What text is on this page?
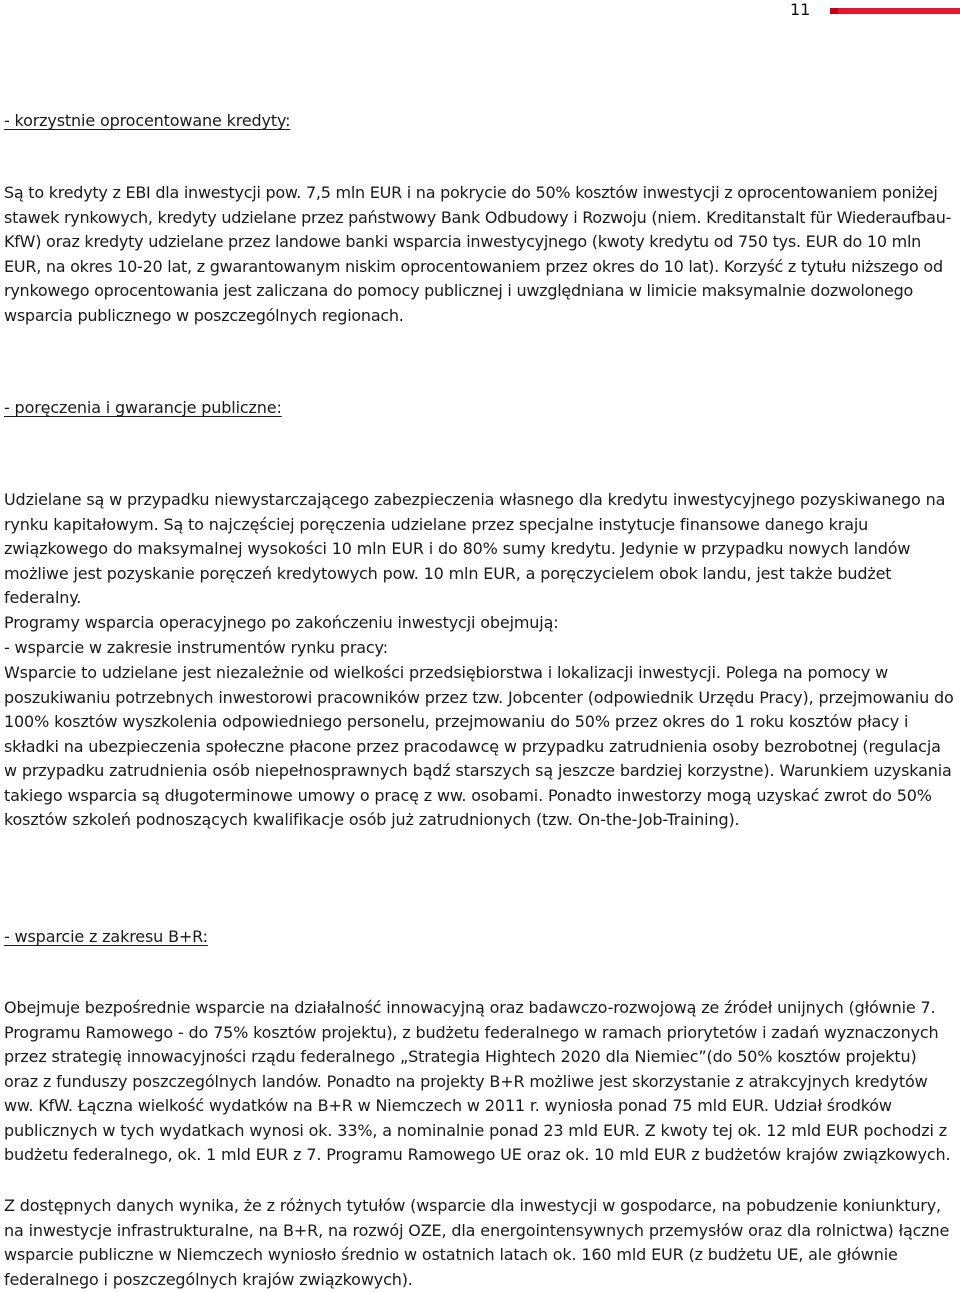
11

- korzystnie oprocentowane kredyty:

Są to kredyty z EBI dla inwestycji pow. 7,5 mln EUR i na pokrycie do 50% kosztów inwestycji z oprocentowaniem poniżej stawek rynkowych, kredyty udzielane przez państwowy Bank Odbudowy i Rozwoju (niem. Kreditanstalt für Wiederaufbau- KfW) oraz kredyty udzielane przez landowe banki wsparcia inwestycyjnego (kwoty kredytu od 750 tys. EUR do 10 mln EUR, na okres 10-20 lat, z gwarantowanym niskim oprocentowaniem przez okres do 10 lat). Korzyść z tytułu niższego od rynkowego oprocentowania jest zaliczana do pomocy publicznej i uwzględniana w limicie maksymalnie dozwolonego wsparcia publicznego w poszczególnych regionach.

- poręczenia i gwarancje publiczne:

Udzielane są w przypadku niewystarczającego zabezpieczenia własnego dla kredytu inwestycyjnego pozyskiwanego na rynku kapitałowym. Są to najczęściej poręczenia udzielane przez specjalne instytucje finansowe danego kraju związkowego do maksymalnej wysokości 10 mln EUR i do 80% sumy kredytu. Jedynie w przypadku nowych landów możliwe jest pozyskanie poręczeń kredytowych pow. 10 mln EUR, a poręczycielem obok landu, jest także budżet federalny.

Programy wsparcia operacyjnego po zakończeniu inwestycji obejmują:

- wsparcie w zakresie instrumentów rynku pracy:

Wsparcie to udzielane jest niezależnie od wielkości przedsiębiorstwa i lokalizacji inwestycji. Polega na pomocy w poszukiwaniu potrzebnych inwestorowi pracowników przez tzw. Jobcenter (odpowiednik Urzędu Pracy), przejmowaniu do 100% kosztów wyszkolenia odpowiedniego personelu, przejmowaniu do 50% przez okres do 1 roku kosztów płacy i składki na ubezpieczenia społeczne płacone przez pracodawcę w przypadku zatrudnienia osoby bezrobotnej (regulacja w przypadku zatrudnienia osób niepełnosprawnych bądź starszych są jeszcze bardziej korzystne). Warunkiem uzyskania takiego wsparcia są długoterminowe umowy o pracę z ww. osobami. Ponadto inwestorzy mogą uzyskać zwrot do 50% kosztów szkoleń podnoszących kwalifikacje osób już zatrudnionych (tzw. On-the-Job-Training).

- wsparcie z zakresu B+R:

Obejmuje bezpośrednie wsparcie na działalność innowacyjną oraz badawczo-rozwojową ze źródeł unijnych (głównie 7. Programu Ramowego - do 75% kosztów projektu), z budżetu federalnego w ramach priorytetów i zadań wyznaczonych przez strategię innowacyjności rządu federalnego „Strategia Hightech 2020 dla Niemiec”(do 50% kosztów projektu) oraz z funduszy poszczególnych landów. Ponadto na projekty B+R możliwe jest skorzystanie z atrakcyjnych kredytów ww. KfW. Łączna wielkość wydatków na B+R w Niemczech w 2011 r. wyniosła ponad 75 mld EUR. Udział środków publicznych w tych wydatkach wynosi ok. 33%, a nominalnie ponad 23 mld EUR. Z kwoty tej ok. 12 mld EUR pochodzi z budżetu federalnego, ok. 1 mld EUR z 7. Programu Ramowego UE oraz ok. 10 mld EUR z budżetów krajów związkowych.

Z dostępnych danych wynika, że z różnych tytułów (wsparcie dla inwestycji w gospodarce, na pobudzenie koniunktury, na inwestycje infrastrukturalne, na B+R, na rozwój OZE, dla energointensywnych przemysłów oraz dla rolnictwa) łączne wsparcie publiczne w Niemczech wyniosło średnio w ostatnich latach ok. 160 mld EUR (z budżetu UE, ale głównie federalnego i poszczególnych krajów związkowych).
